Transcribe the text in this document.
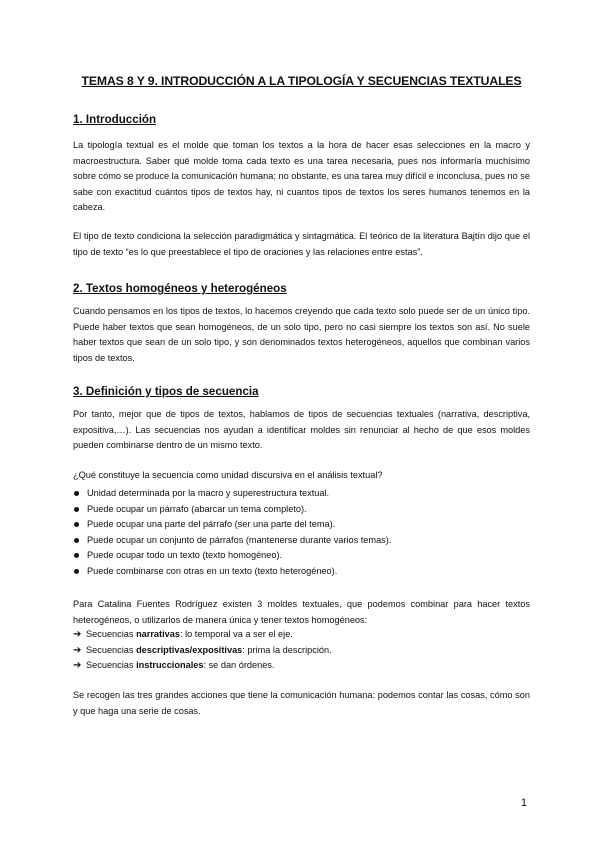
TEMAS 8 Y 9. INTRODUCCIÓN A LA TIPOLOGÍA Y SECUENCIAS TEXTUALES
1. Introducción

La tipología textual es el molde que toman los textos a la hora de hacer esas selecciones en la macro y macroestructura. Saber qué molde toma cada texto es una tarea necesaria, pues nos informaría muchísimo sobre cómo se produce la comunicación humana; no obstante, es una tarea muy difícil e inconclusa, pues no se sabe con exactitud cuántos tipos de textos hay, ni cuantos tipos de textos los seres humanos tenemos en la cabeza.

El tipo de texto condiciona la selección paradigmática y sintagmática. El teórico de la literatura Bajtín dijo que el tipo de texto “es lo que preestablece el tipo de oraciones y las relaciones entre estas”.

2. Textos homogéneos y heterogéneos

Cuando pensamos en los tipos de textos, lo hacemos creyendo que cada texto solo puede ser de un único tipo. Puede haber textos que sean homogéneos, de un solo tipo, pero no casi siempre los textos son así. No suele haber textos que sean de un solo tipo, y son denominados textos heterogéneos, aquellos que combinan varios tipos de textos.

3. Definición y tipos de secuencia

Por tanto, mejor que de tipos de textos, hablamos de tipos de secuencias textuales (narrativa, descriptiva, expositiva,…). Las secuencias nos ayudan a identificar moldes sin renunciar al hecho de que esos moldes pueden combinarse dentro de un mismo texto.

¿Qué constituye la secuencia como unidad discursiva en el análisis textual?
Unidad determinada por la macro y superestructura textual.
Puede ocupar un párrafo (abarcar un tema completo).
Puede ocupar una parte del párrafo (ser una parte del tema).
Puede ocupar un conjunto de párrafos (mantenerse durante varios temas).
Puede ocupar todo un texto (texto homogéneo).
Puede combinarse con otras en un texto (texto heterogéneo).

Para Catalina Fuentes Rodríguez existen 3 moldes textuales, que podemos combinar para hacer textos heterogéneos, o utilizarlos de manera única y tener textos homogéneos:

➔ Secuencias narrativas: lo temporal va a ser el eje.
➔ Secuencias descriptivas/expositivas: prima la descripción.
➔ Secuencias instruccionales: se dan órdenes.

Se recogen las tres grandes acciones que tiene la comunicación humana: podemos contar las cosas, cómo son y que haga una serie de cosas.

1
